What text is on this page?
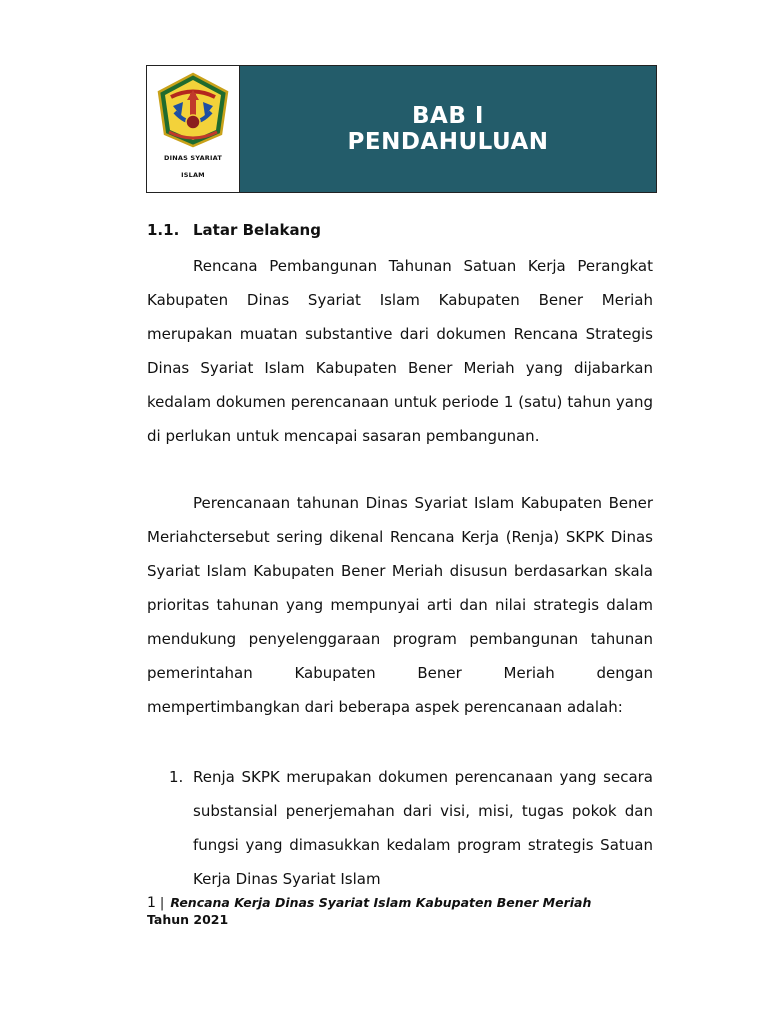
DINAS SYARIAT
ISLAM
BAB I
PENDAHULUAN
1.1. Latar Belakang

Rencana Pembangunan Tahunan Satuan Kerja Perangkat Kabupaten Dinas Syariat Islam Kabupaten Bener Meriah merupakan muatan substantive dari dokumen Rencana Strategis Dinas Syariat Islam Kabupaten Bener Meriah yang dijabarkan kedalam dokumen perencanaan untuk periode 1 (satu) tahun yang di perlukan untuk mencapai sasaran pembangunan.

Perencanaan tahunan Dinas Syariat Islam Kabupaten Bener Meriahctersebut sering dikenal Rencana Kerja (Renja) SKPK Dinas Syariat Islam Kabupaten Bener Meriah disusun berdasarkan skala prioritas tahunan yang mempunyai arti dan nilai strategis dalam mendukung penyelenggaraan program pembangunan tahunan pemerintahan Kabupaten Bener Meriah dengan mempertimbangkan dari beberapa aspek perencanaan adalah:

1. Renja SKPK merupakan dokumen perencanaan yang secara substansial penerjemahan dari visi, misi, tugas pokok dan fungsi yang dimasukkan kedalam program strategis Satuan Kerja Dinas Syariat Islam
1 | Rencana Kerja Dinas Syariat Islam Kabupaten Bener Meriah
Tahun 2021
